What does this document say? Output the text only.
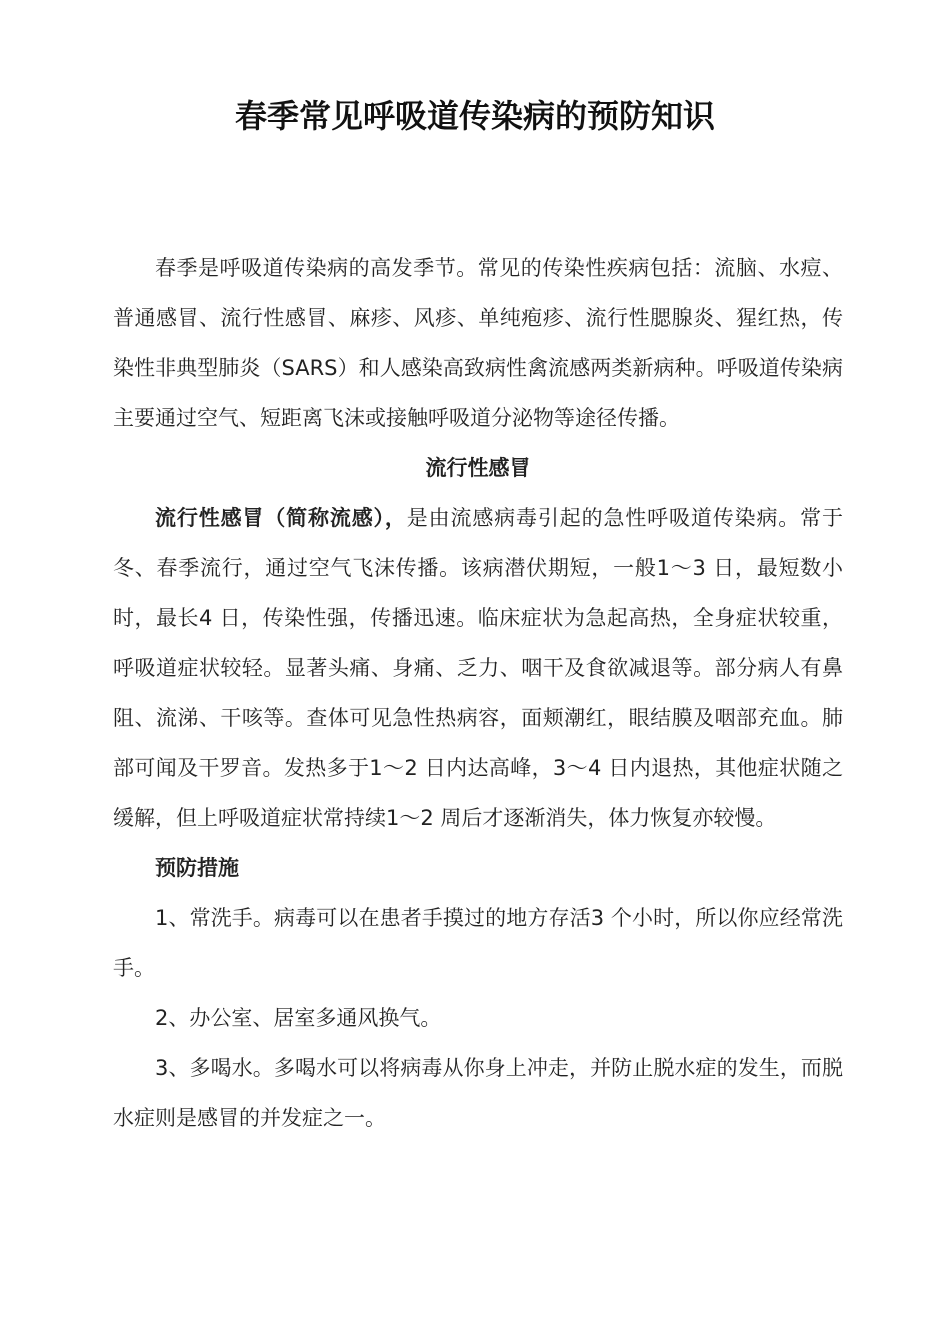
春季常见呼吸道传染病的预防知识

春季是呼吸道传染病的高发季节。常见的传染性疾病包括：流脑、水痘、普通感冒、流行性感冒、麻疹、风疹、单纯疱疹、流行性腮腺炎、猩红热，传染性非典型肺炎（SARS）和人感染高致病性禽流感两类新病种。呼吸道传染病主要通过空气、短距离飞沫或接触呼吸道分泌物等途径传播。

流行性感冒

流行性感冒（简称流感），是由流感病毒引起的急性呼吸道传染病。常于冬、春季流行，通过空气飞沫传播。该病潜伏期短，一般1～3 日，最短数小时，最长4 日，传染性强，传播迅速。临床症状为急起高热，全身症状较重，呼吸道症状较轻。显著头痛、身痛、乏力、咽干及食欲减退等。部分病人有鼻阻、流涕、干咳等。查体可见急性热病容，面颊潮红，眼结膜及咽部充血。肺部可闻及干罗音。发热多于1～2 日内达高峰，3～4 日内退热，其他症状随之缓解，但上呼吸道症状常持续1～2 周后才逐渐消失，体力恢复亦较慢。

预防措施

1、常洗手。病毒可以在患者手摸过的地方存活3 个小时，所以你应经常洗手。

2、办公室、居室多通风换气。

3、多喝水。多喝水可以将病毒从你身上冲走，并防止脱水症的发生，而脱水症则是感冒的并发症之一。
